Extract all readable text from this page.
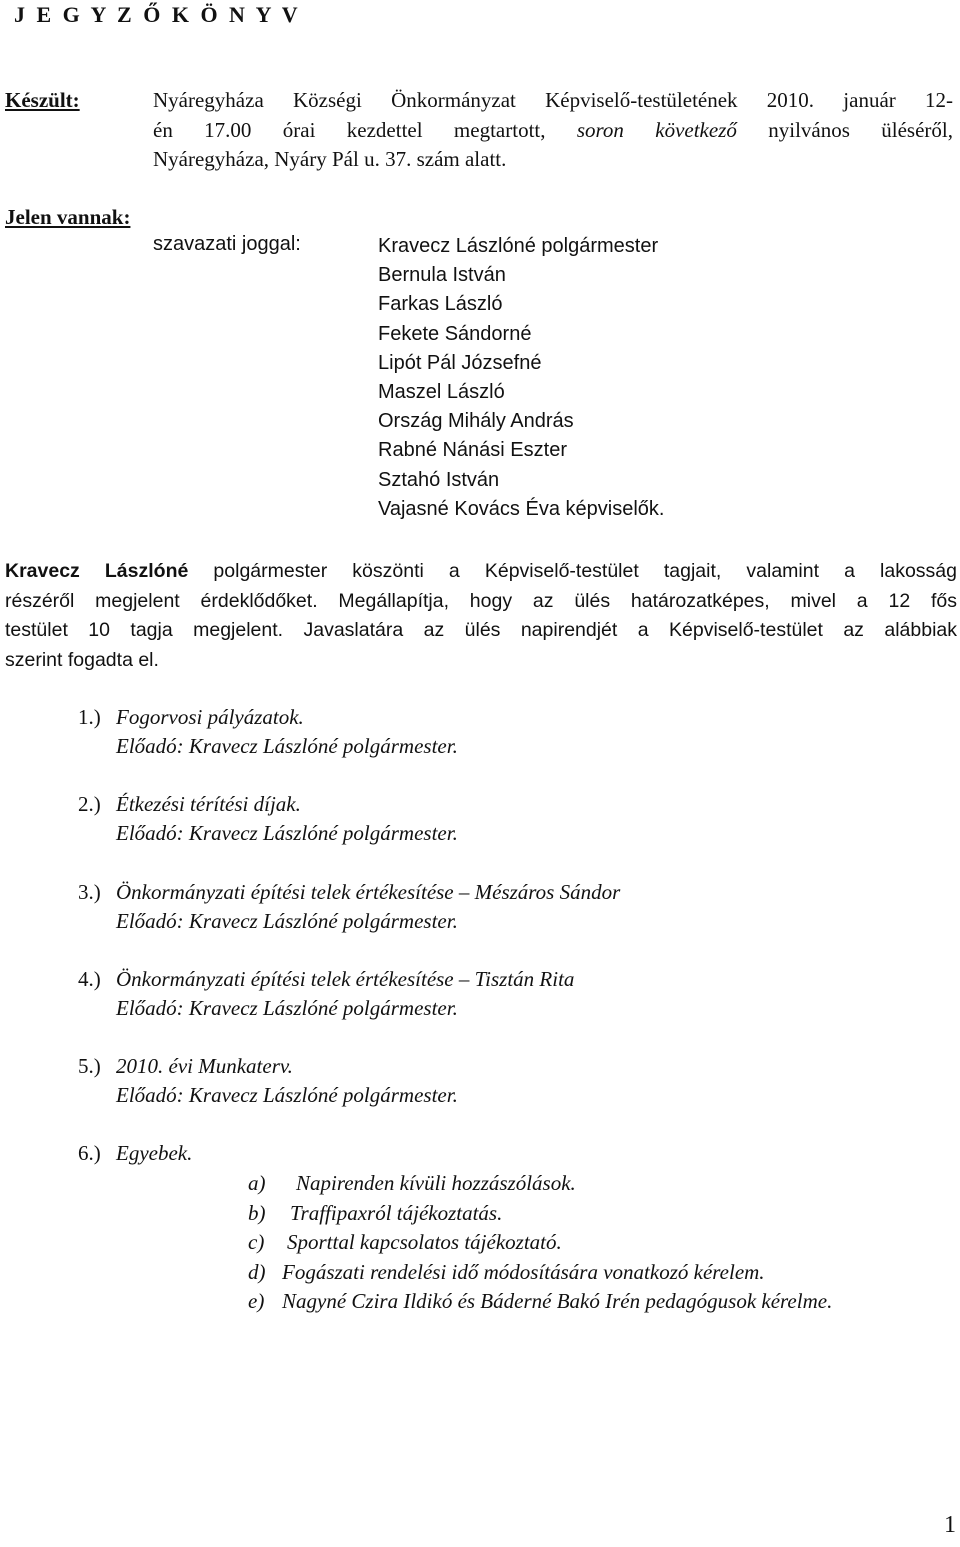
J E G Y Z Ő K Ö N Y V
Készült:	Nyáregyháza Községi Önkormányzat Képviselő-testületének 2010. január 12-
én 17.00 órai kezdettel megtartott, soron következő nyilvános üléséről,
Nyáregyháza, Nyáry Pál u. 37. szám alatt.
Jelen vannak:
szavazati joggal:	Kravecz Lászlóné polgármester
Bernula István
Farkas László
Fekete Sándorné
Lipót Pál Józsefné
Maszel László
Ország Mihály András
Rabné Nánási Eszter
Sztahó István
Vajasné Kovács Éva képviselők.
Kravecz Lászlóné polgármester köszönti a Képviselő-testület tagjait, valamint a lakosság
részéről megjelent érdeklődőket. Megállapítja, hogy az ülés határozatképes, mivel a 12 fős
testület 10 tagja megjelent. Javaslatára az ülés napirendjét a Képviselő-testület az alábbiak
szerint fogadta el.
1.) Fogorvosi pályázatok.
Előadó: Kravecz Lászlóné polgármester.
2.) Étkezési térítési díjak.
Előadó: Kravecz Lászlóné polgármester.
3.) Önkormányzati építési telek értékesítése – Mészáros Sándor
Előadó: Kravecz Lászlóné polgármester.
4.) Önkormányzati építési telek értékesítése – Tisztán Rita
Előadó: Kravecz Lászlóné polgármester.
5.) 2010. évi Munkaterv.
Előadó: Kravecz Lászlóné polgármester.
6.) Egyebek.
a) Napirenden kívüli hozzászólások.
b) Traffipaxról tájékoztatás.
c) Sporttal kapcsolatos tájékoztató.
d) Fogászati rendelési idő módosítására vonatkozó kérelem.
e) Nagyné Czira Ildikó és Báderné Bakó Irén pedagógusok kérelme.
1
